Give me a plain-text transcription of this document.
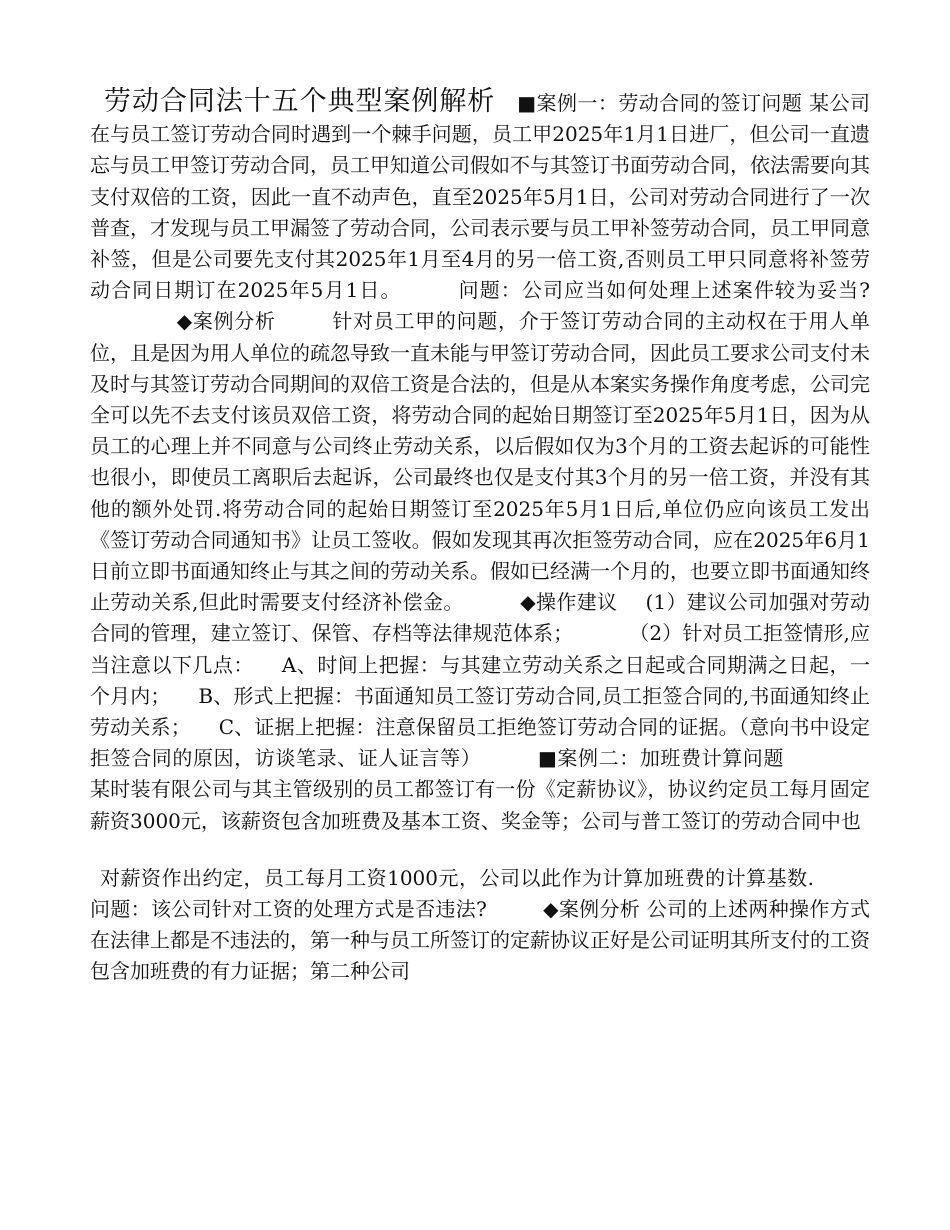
劳动合同法十五个典型案例解析 ■案例一：劳动合同的签订问题 某公司在与员工签订劳动合同时遇到一个棘手问题，员工甲2025年1月1日进厂，但公司一直遗忘与员工甲签订劳动合同，员工甲知道公司假如不与其签订书面劳动合同，依法需要向其支付双倍的工资，因此一直不动声色，直至2025年5月1日，公司对劳动合同进行了一次普查，才发现与员工甲漏签了劳动合同，公司表示要与员工甲补签劳动合同，员工甲同意补签，但是公司要先支付其2025年1月至4月的另一倍工资,否则员工甲只同意将补签劳动合同日期订在2025年5月1日。	问题：公司应当如何处理上述案件较为妥当?◆案例分析	针对员工甲的问题，介于签订劳动合同的主动权在于用人单位，且是因为用人单位的疏忽导致一直未能与甲签订劳动合同，因此员工要求公司支付未及时与其签订劳动合同期间的双倍工资是合法的，但是从本案实务操作角度考虑，公司完全可以先不去支付该员双倍工资，将劳动合同的起始日期签订至2025年5月1日，因为从员工的心理上并不同意与公司终止劳动关系，以后假如仅为3个月的工资去起诉的可能性也很小，即使员工离职后去起诉，公司最终也仅是支付其3个月的另一倍工资，并没有其他的额外处罚.将劳动合同的起始日期签订至2025年5月1日后,单位仍应向该员工发出《签订劳动合同通知书》让员工签收。假如发现其再次拒签劳动合同，应在2025年6月1日前立即书面通知终止与其之间的劳动关系。假如已经满一个月的，也要立即书面通知终止劳动关系,但此时需要支付经济补偿金。	◆操作建议 (1）建议公司加强对劳动合同的管理，建立签订、保管、存档等法律规范体系；	（2）针对员工拒签情形,应当注意以下几点： A、时间上把握：与其建立劳动关系之日起或合同期满之日起，一个月内； B、形式上把握：书面通知员工签订劳动合同,员工拒签合同的,书面通知终止劳动关系； C、证据上把握：注意保留员工拒绝签订劳动合同的证据。（意向书中设定拒签合同的原因，访谈笔录、证人证言等）	■案例二：加班费计算问题某时装有限公司与其主管级别的员工都签订有一份《定薪协议》，协议约定员工每月固定薪资3000元，该薪资包含加班费及基本工资、奖金等；公司与普工签订的劳动合同中也
对薪资作出约定，员工每月工资1000元，公司以此作为计算加班费的计算基数.问题：该公司针对工资的处理方式是否违法?	◆案例分析 公司的上述两种操作方式在法律上都是不违法的，第一种与员工所签订的定薪协议正好是公司证明其所支付的工资包含加班费的有力证据；第二种公司
